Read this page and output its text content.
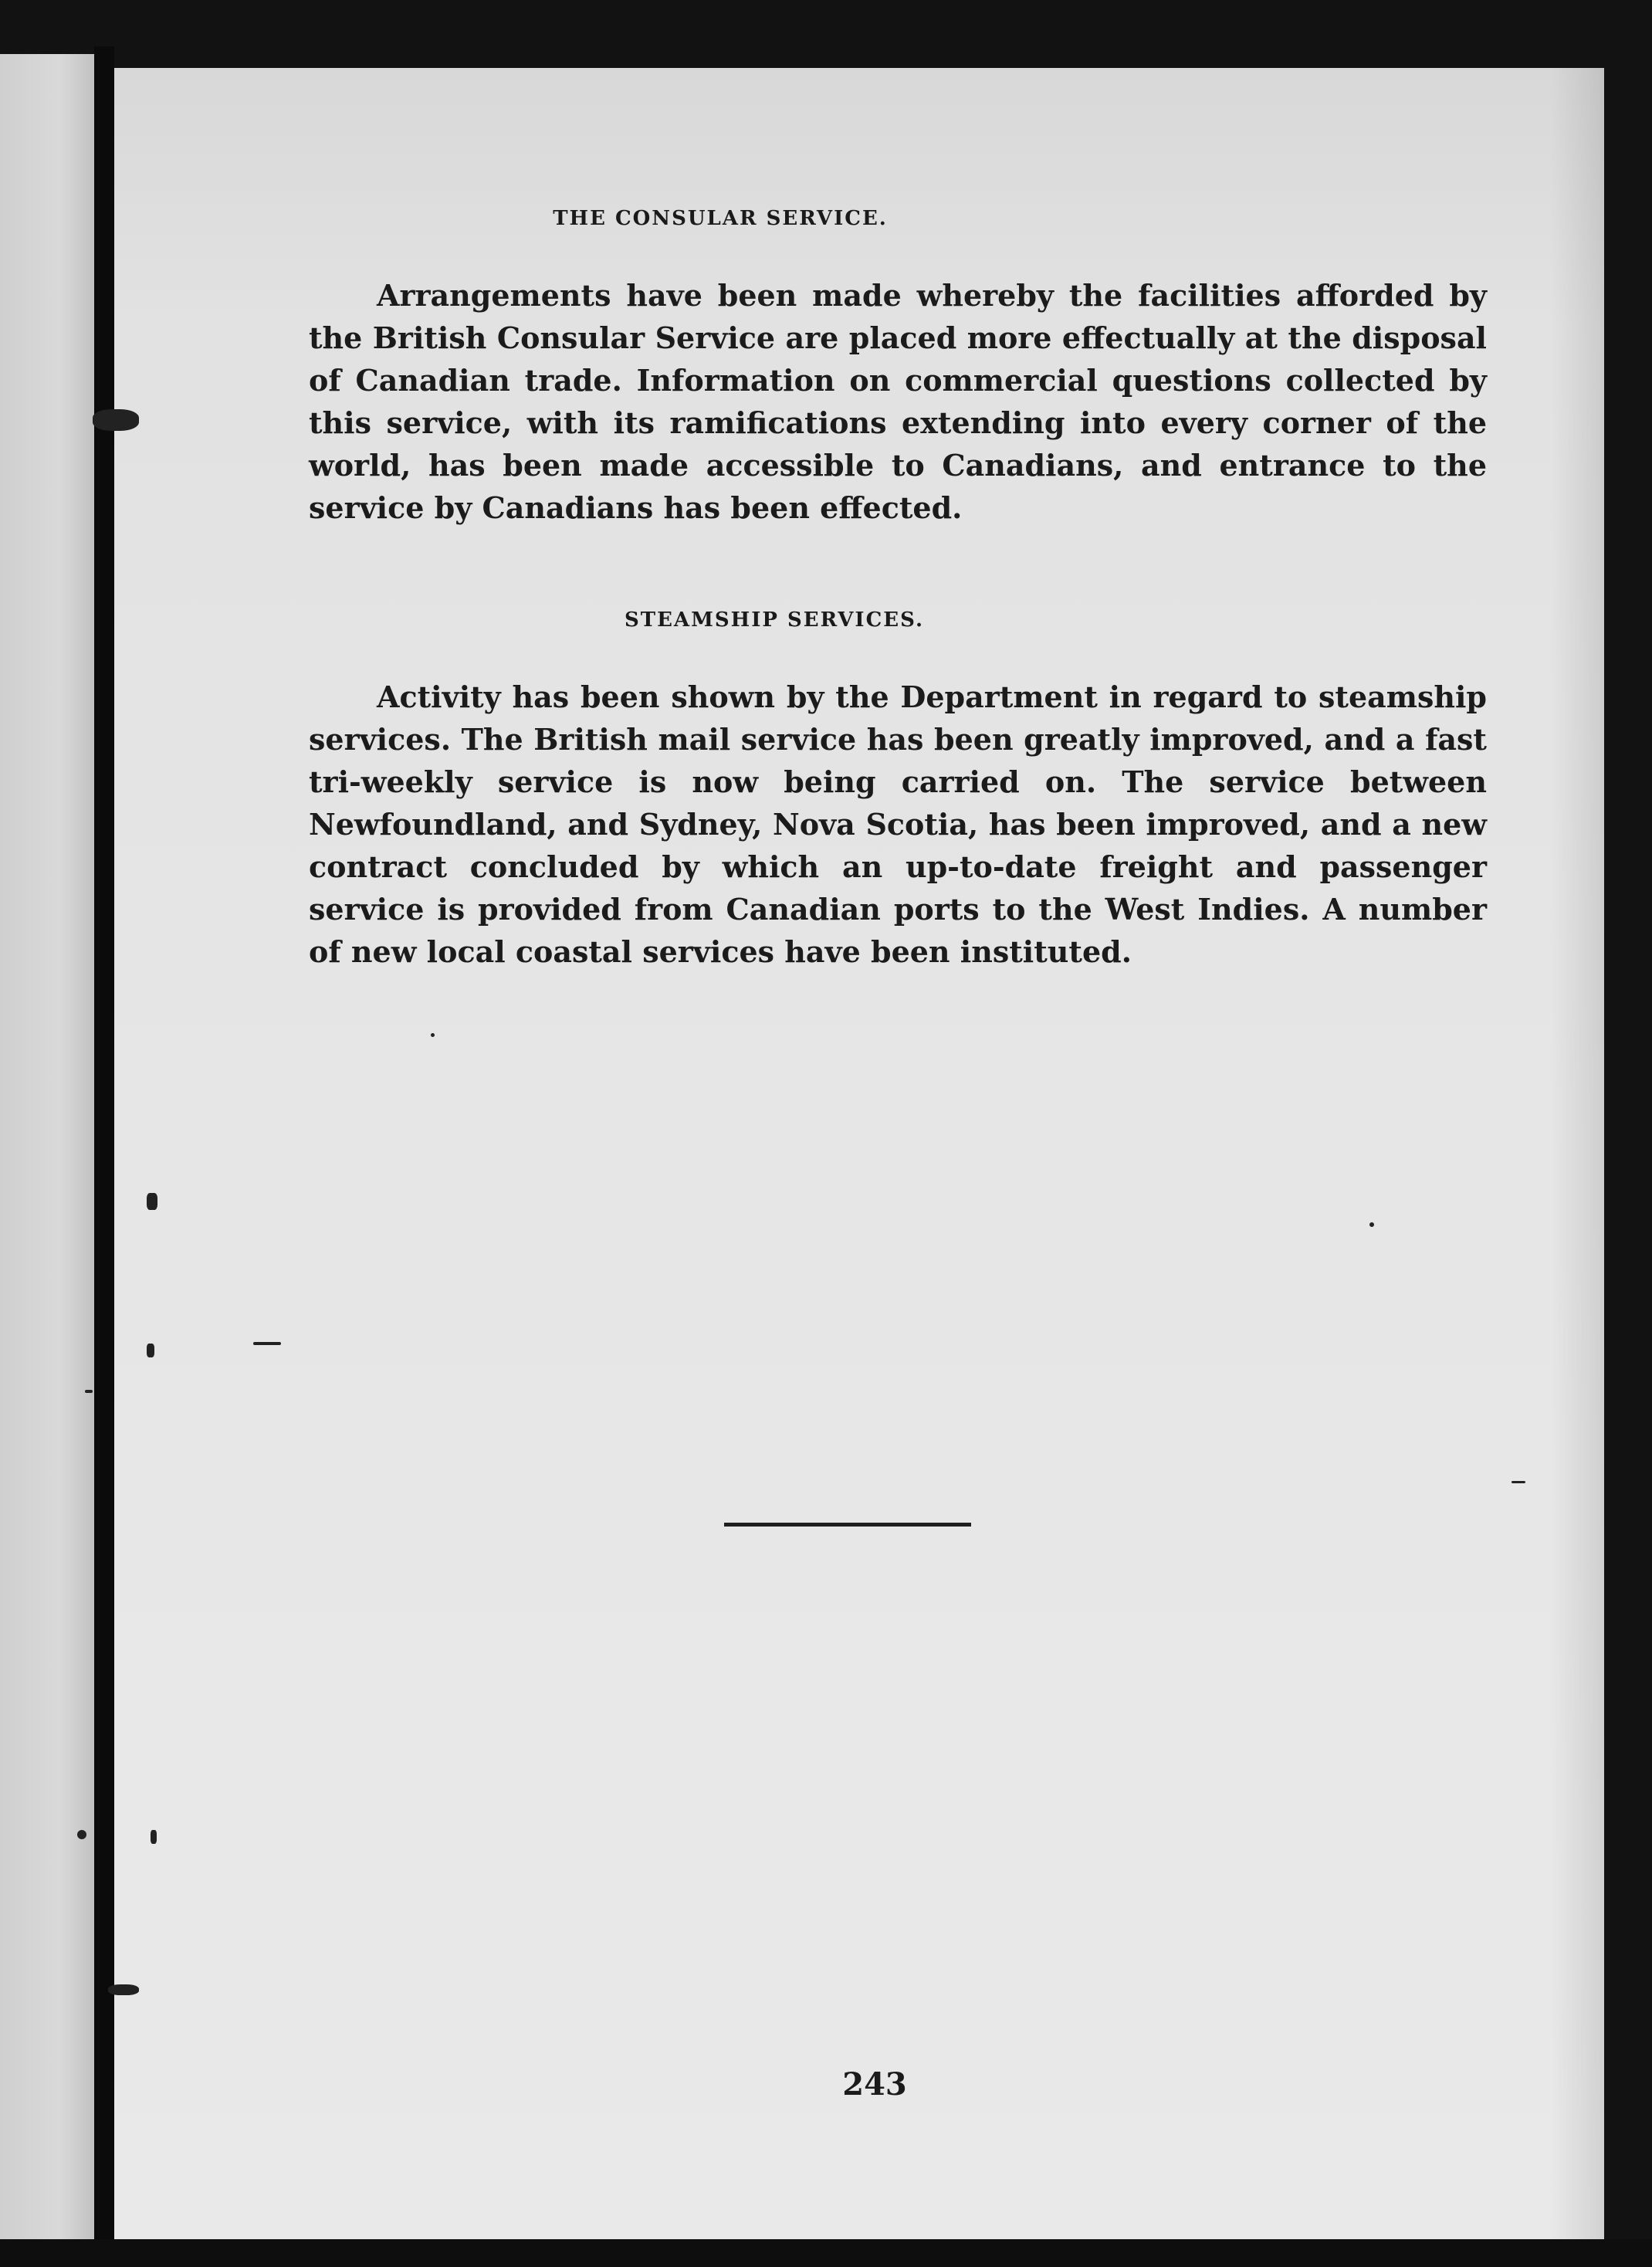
THE CONSULAR SERVICE.

Arrangements have been made whereby the facilities afforded by the British Consular Service are placed more effectually at the disposal of Canadian trade. Information on commercial questions collected by this service, with its ramifications extending into every corner of the world, has been made accessible to Canadians, and entrance to the service by Canadians has been effected.

STEAMSHIP SERVICES.

Activity has been shown by the Department in regard to steamship services. The British mail service has been greatly improved, and a fast tri-weekly service is now being carried on. The service between Newfoundland, and Sydney, Nova Scotia, has been improved, and a new contract concluded by which an up-to-date freight and passenger service is provided from Canadian ports to the West Indies. A number of new local coastal services have been instituted.

243
